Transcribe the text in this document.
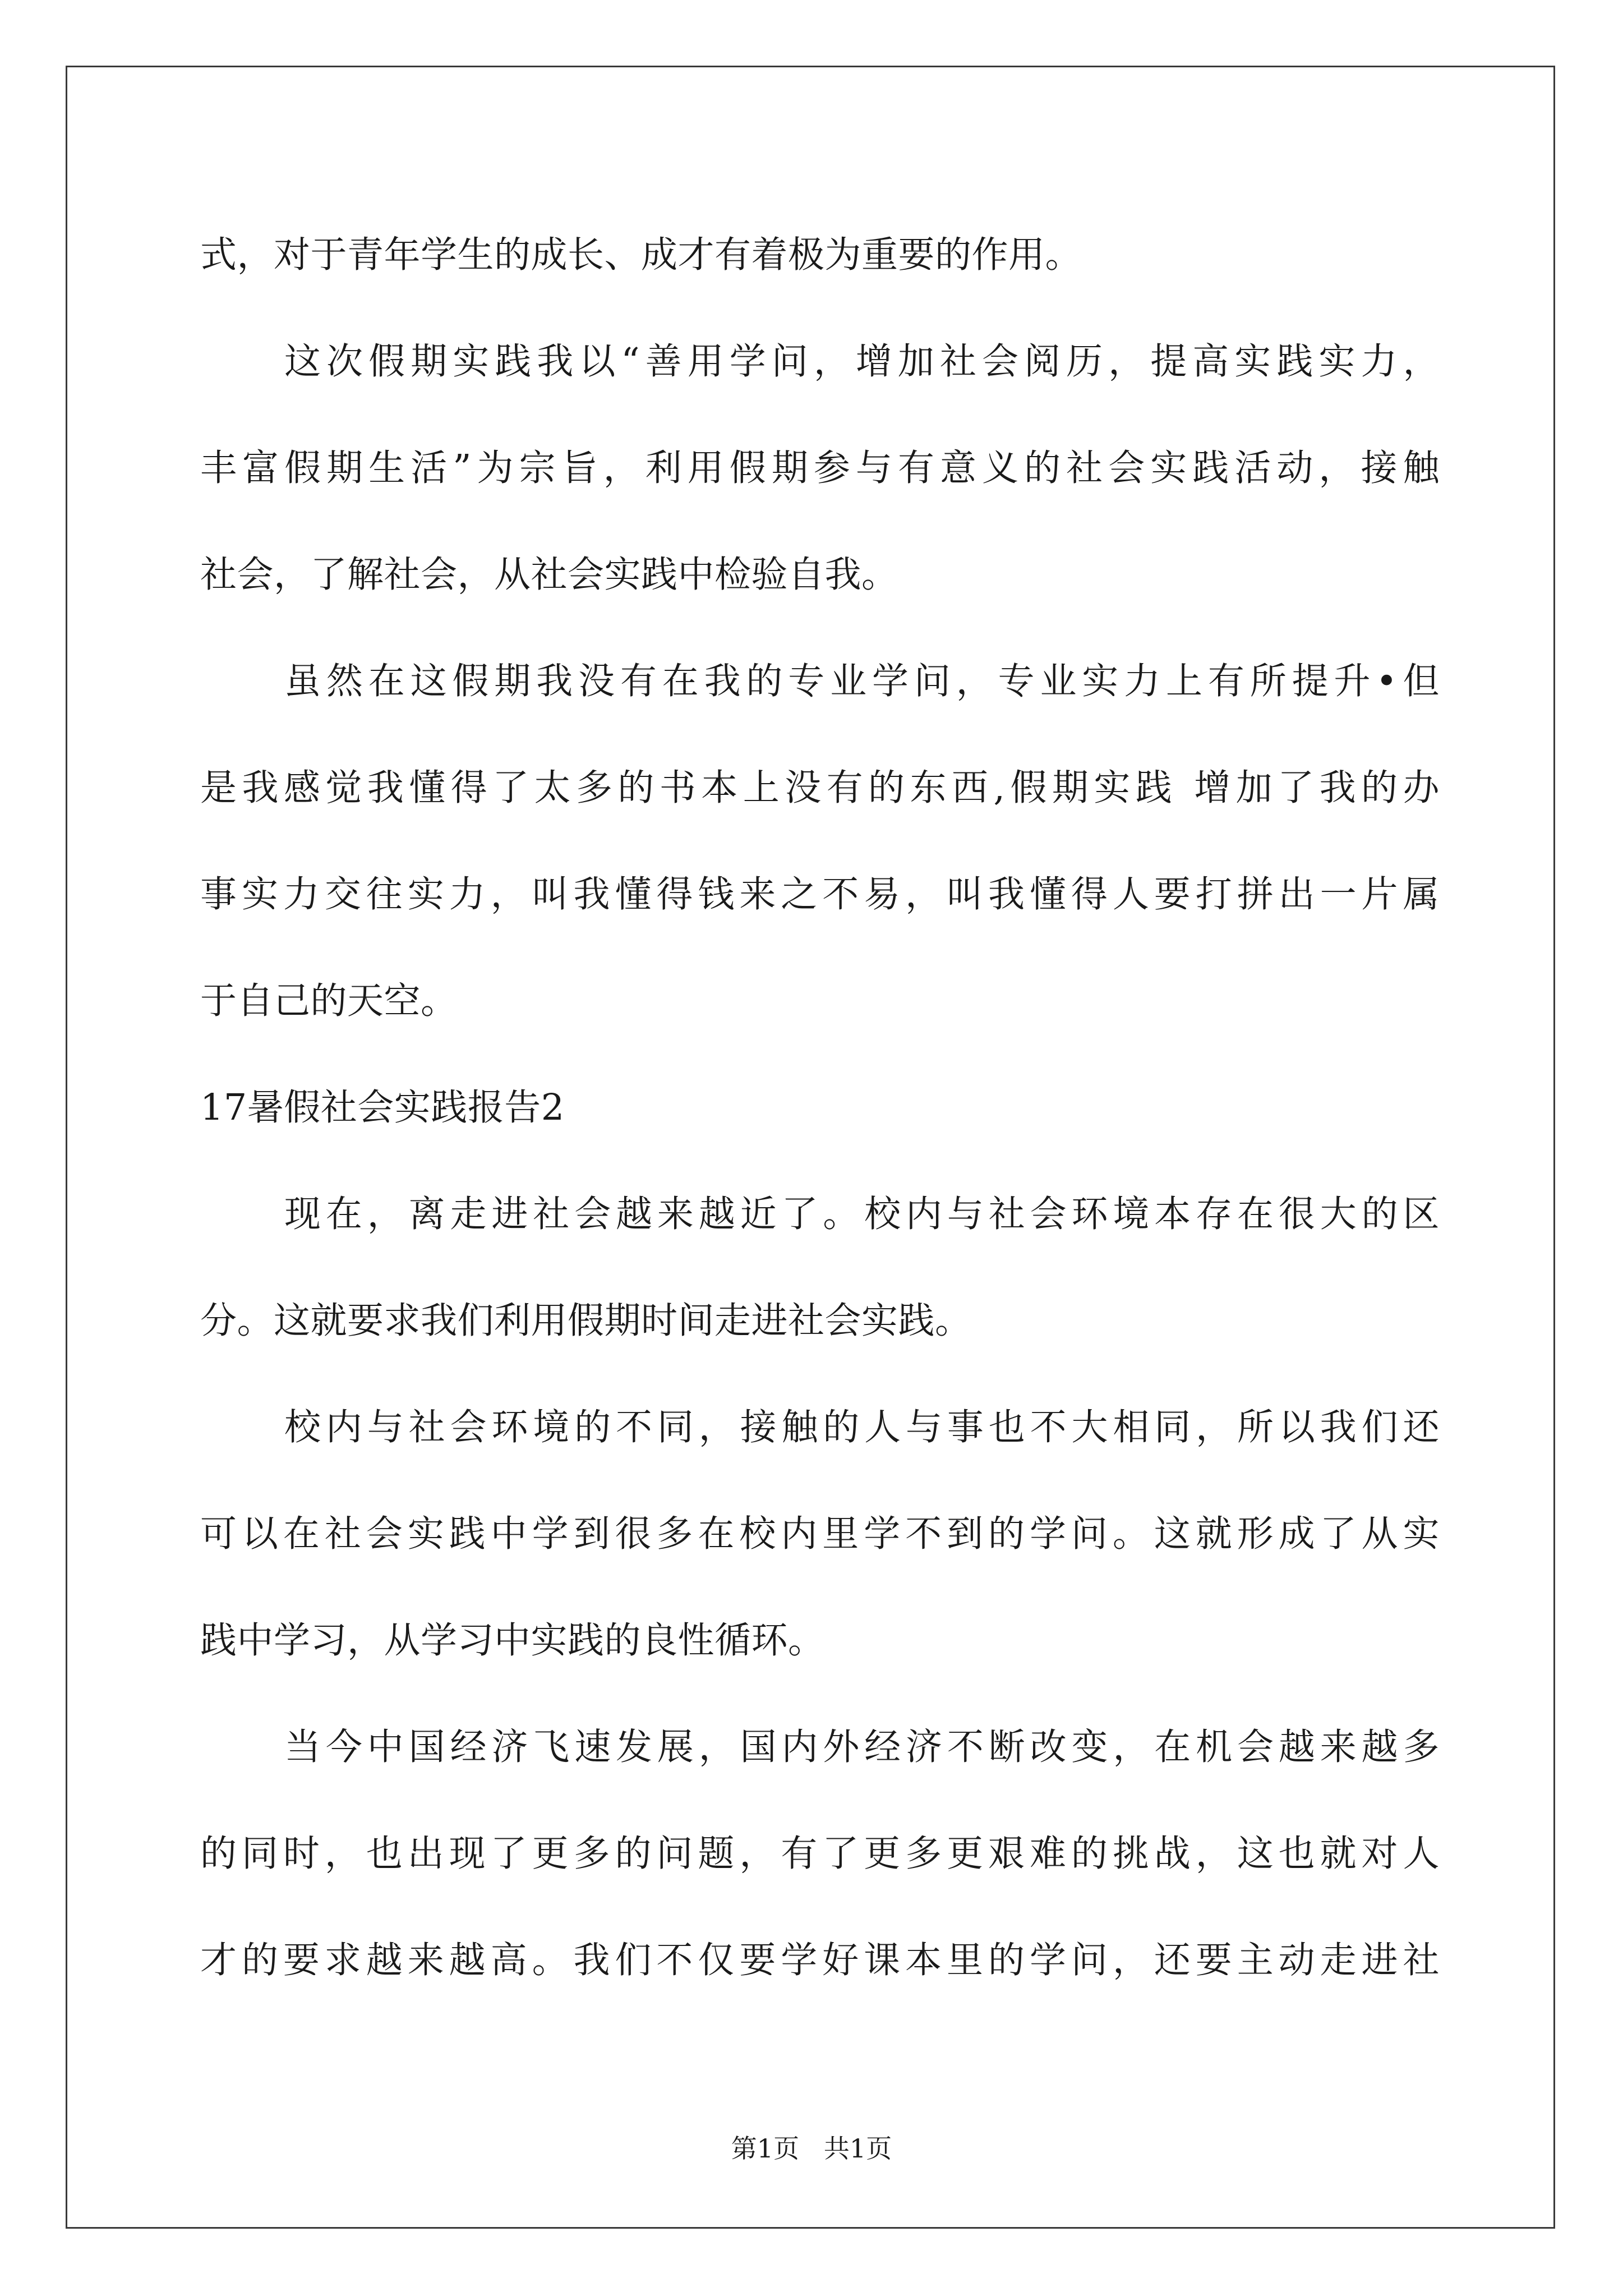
式，对于青年学生的成长、成才有着极为重要的作用。
这次假期实践我以“善用学问，增加社会阅历，提高实践实力，
丰富假期生活”为宗旨，利用假期参与有意义的社会实践活动，接触
社会，了解社会，从社会实践中检验自我。
虽然在这假期我没有在我的专业学问，专业实力上有所提升•但
是我感觉我懂得了太多的书本上没有的东西,假期实践 增加了我的办
事实力交往实力，叫我懂得钱来之不易，叫我懂得人要打拼出一片属
于自己的天空。
17暑假社会实践报告2
现在，离走进社会越来越近了。校内与社会环境本存在很大的区
分。这就要求我们利用假期时间走进社会实践。
校内与社会环境的不同，接触的人与事也不大相同，所以我们还
可以在社会实践中学到很多在校内里学不到的学问。这就形成了从实
践中学习，从学习中实践的良性循环。
当今中国经济飞速发展，国内外经济不断改变，在机会越来越多
的同时，也出现了更多的问题，有了更多更艰难的挑战，这也就对人
才的要求越来越高。我们不仅要学好课本里的学问，还要主动走进社
第1页   共1页
